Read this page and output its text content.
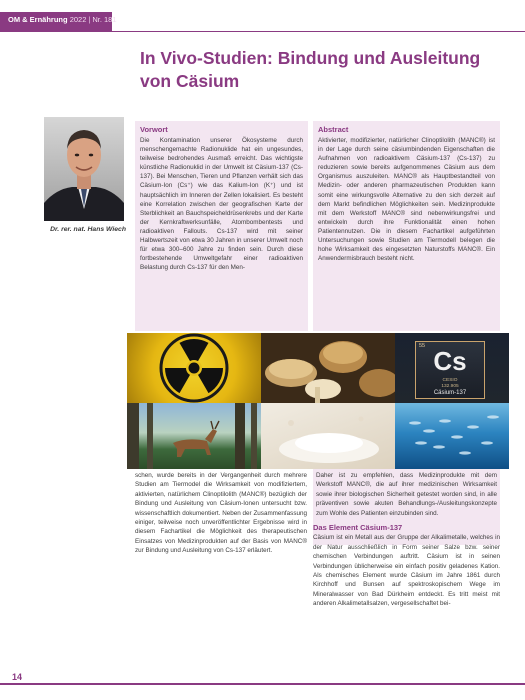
OM & Ernährung 2022 | Nr. 181
In Vivo-Studien: Bindung und Ausleitung von Cäsium
Dr. rer. nat. Hans Wiech
Vorwort

Die Kontamination unserer Ökosysteme durch menschengemachte Radionuklide hat ein ungesundes, teilweise bedrohendes Ausmaß erreicht. Das wichtigste künstliche Radionuklid in der Umwelt ist Cäsium-137 (Cs-137). Bei Menschen, Tieren und Pflanzen verhält sich das Cäsium-Ion (Cs⁺) wie das Kalium-Ion (K⁺) und ist hauptsächlich im Inneren der Zellen lokalisiert. Es besteht eine Korrelation zwischen der geografischen Karte der Sterblichkeit an Bauchspeicheldrüsenkrebs und der Karte der Kernkraftwerksunfälle, Atombombentests und radioaktiven Fallouts. Cs-137 wird mit seiner Halbwertszeit von etwa 30 Jahren in unserer Umwelt noch für etwa 300–600 Jahre zu finden sein. Durch diese fortbestehende Umweltgefahr einer radioaktiven Belastung durch Cs-137 für den Men-

Abstract

Aktivierter, modifizierter, natürlicher Clinoptilolith (MANC®) ist in der Lage durch seine cäsiumbindenden Eigenschaften die Aufnahmen von radioaktivem Cäsium-137 (Cs-137) zu reduzieren sowie bereits aufgenommenes Cäsium aus dem Organismus auszuleiten. MANC® als Hauptbestandteil von Medizin- oder anderen pharmazeutischen Produkten kann somit eine wirkungsvolle Alternative zu den sich derzeit auf dem Markt befindlichen Möglichkeiten sein. Medizinprodukte mit dem Werkstoff MANC® sind nebenwirkungsfrei und entwickeln durch ihre Funktionalität einen hohen Patientennutzen. Die in diesem Fachartikel aufgeführten Untersuchungen sowie Studien am Tiermodell belegen die hohe Wirksamkeit des eingesetzten Naturstoffs MANC®. Ein Anwendermisbrauch besteht nicht.

55 Cs
CESIO
132.905
Cäsium-137
schen, wurde bereits in der Vergangenheit durch mehrere Studien am Tiermodel die Wirksamkeit von modifiziertem, aktivierten, natürlichem Clinoptilolith (MANC®) bezüglich der Bindung und Ausleitung von Cäsium-Ionen untersucht bzw. wissenschaftlich dokumentiert. Neben der Zusammenfassung einiger, teilweise noch unveröffentlichter Ergebnisse wird in diesem Fachartikel die Möglichkeit des therapeutischen Einsatzes von Medizinprodukten auf der Basis von MANC® zur Bindung und Ausleitung von Cs-137 erläutert.
Daher ist zu empfehlen, dass Medizinprodukte mit dem Werkstoff MANC®, die auf ihrer medizinischen Wirksamkeit sowie ihrer biologischen Sicherheit getestet worden sind, in alle präventiven sowie akuten Behandlungs-/Ausleitungskonzepte zum Wohle des Patienten einzubinden sind.
Das Element Cäsium-137
Cäsium ist ein Metall aus der Gruppe der Alkalimetalle, welches in der Natur ausschließlich in Form seiner Salze bzw. seiner chemischen Verbindungen auftritt. Cäsium ist in seinen Verbindungen üblicherweise ein einfach positiv geladenes Kation. Als chemisches Element wurde Cäsium im Jahre 1861 durch Kirchhoff und Bunsen auf spektroskopischem Wege im Mineralwasser von Bad Dürkheim entdeckt. Es tritt meist mit anderen Alkalimetallsalzen, vergesellschaftet bei-
14
